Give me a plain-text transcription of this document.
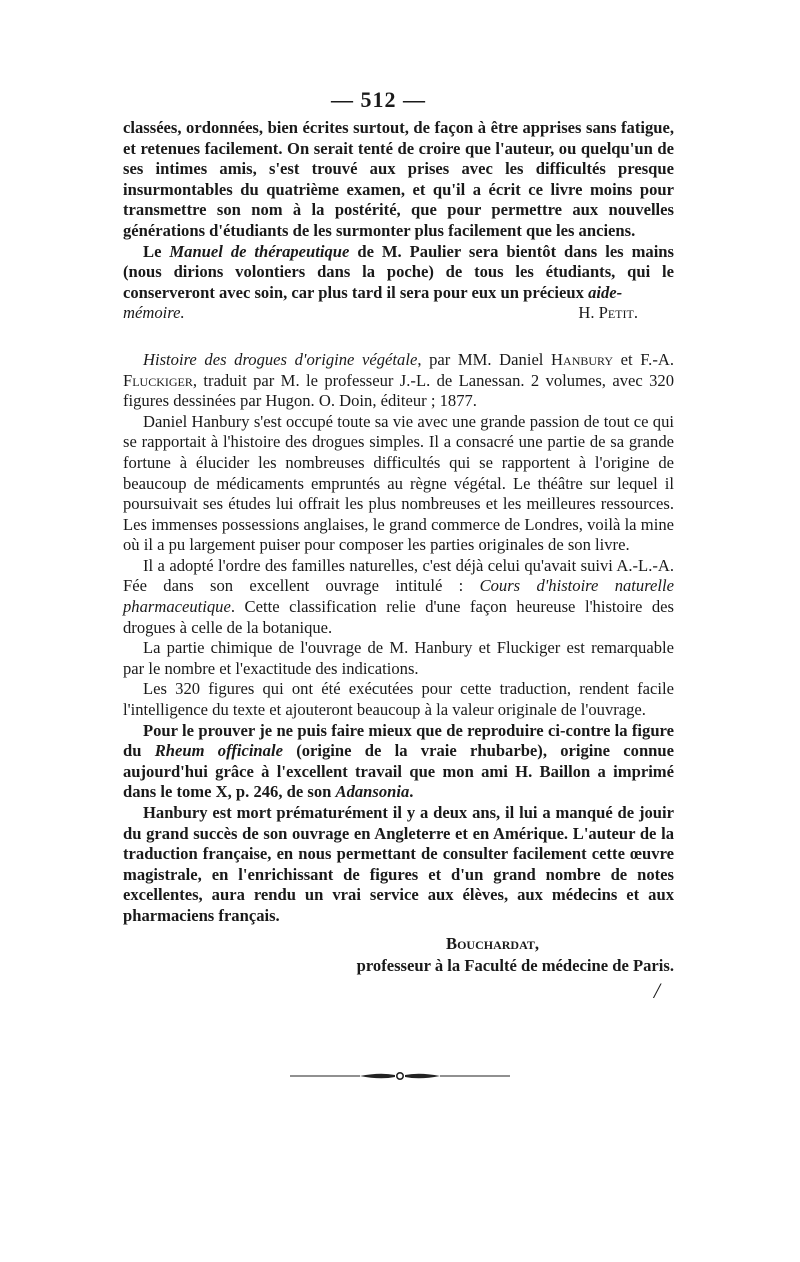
— 512 —

classées, ordonnées, bien écrites surtout, de façon à être apprises sans fatigue, et retenues facilement. On serait tenté de croire que l'auteur, ou quelqu'un de ses intimes amis, s'est trouvé aux prises avec les difficultés presque insurmontables du quatrième examen, et qu'il a écrit ce livre moins pour transmettre son nom à la postérité, que pour permettre aux nouvelles générations d'étudiants de les surmonter plus facilement que les anciens.

Le Manuel de thérapeutique de M. Paulier sera bientôt dans les mains (nous dirions volontiers dans la poche) de tous les étudiants, qui le conserveront avec soin, car plus tard il sera pour eux un précieux aide-

mémoire.	H. Petit.

Histoire des drogues d'origine végétale, par MM. Daniel Hanbury et F.-A. Fluckiger, traduit par M. le professeur J.-L. de Lanessan. 2 volumes, avec 320 figures dessinées par Hugon. O. Doin, éditeur ; 1877.

Daniel Hanbury s'est occupé toute sa vie avec une grande passion de tout ce qui se rapportait à l'histoire des drogues simples. Il a consacré une partie de sa grande fortune à élucider les nombreuses difficultés qui se rapportent à l'origine de beaucoup de médicaments empruntés au règne végétal. Le théâtre sur lequel il poursuivait ses études lui offrait les plus nombreuses et les meilleures ressources. Les immenses possessions anglaises, le grand commerce de Londres, voilà la mine où il a pu largement puiser pour composer les parties originales de son livre.

Il a adopté l'ordre des familles naturelles, c'est déjà celui qu'avait suivi A.-L.-A. Fée dans son excellent ouvrage intitulé : Cours d'histoire naturelle pharmaceutique. Cette classification relie d'une façon heureuse l'histoire des drogues à celle de la botanique.

La partie chimique de l'ouvrage de M. Hanbury et Fluckiger est remarquable par le nombre et l'exactitude des indications.

Les 320 figures qui ont été exécutées pour cette traduction, rendent facile l'intelligence du texte et ajouteront beaucoup à la valeur originale de l'ouvrage.

Pour le prouver je ne puis faire mieux que de reproduire ci-contre la figure du Rheum officinale (origine de la vraie rhubarbe), origine connue aujourd'hui grâce à l'excellent travail que mon ami H. Baillon a imprimé dans le tome X, p. 246, de son Adansonia.

Hanbury est mort prématurément il y a deux ans, il lui a manqué de jouir du grand succès de son ouvrage en Angleterre et en Amérique. L'auteur de la traduction française, en nous permettant de consulter facilement cette œuvre magistrale, en l'enrichissant de figures et d'un grand nombre de notes excellentes, aura rendu un vrai service aux élèves, aux médecins et aux pharmaciens français.

Bouchardat,
professeur à la Faculté de médecine de Paris.
/
